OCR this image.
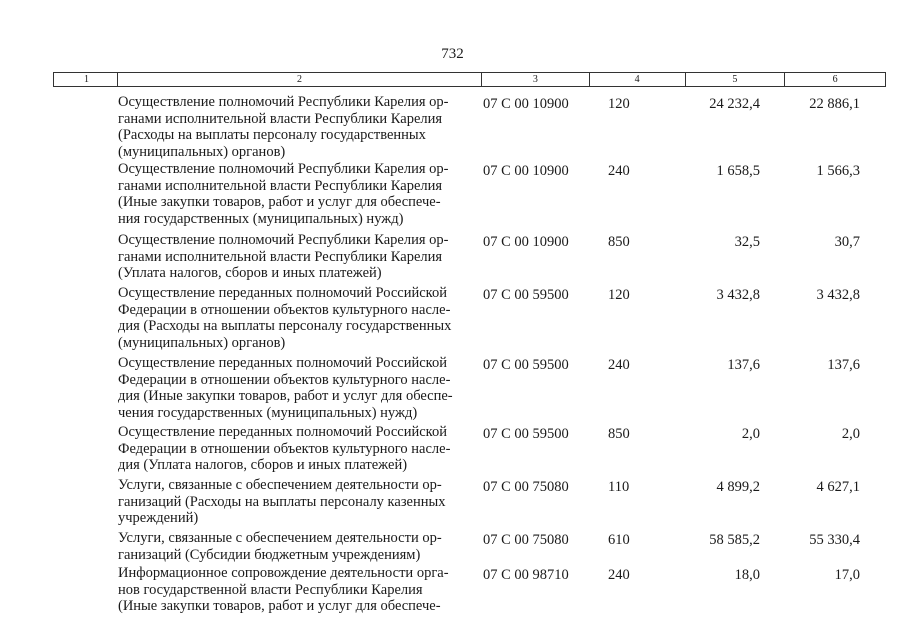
732
1	2	3	4	5	6
Осуществление полномочий Республики Карелия ор-
ганами исполнительной власти Республики Карелия
(Расходы на выплаты персоналу государственных
(муниципальных) органов)
07 С 00 10900	120	24 232,4	22 886,1
Осуществление полномочий Республики Карелия ор-
ганами исполнительной власти Республики Карелия
(Иные закупки товаров, работ и услуг для обеспече-
ния государственных (муниципальных) нужд)
07 С 00 10900	240	1 658,5	1 566,3
Осуществление полномочий Республики Карелия ор-
ганами исполнительной власти Республики Карелия
(Уплата налогов, сборов и иных платежей)
07 С 00 10900	850	32,5	30,7
Осуществление переданных полномочий Российской
Федерации в отношении объектов культурного насле-
дия (Расходы на выплаты персоналу государственных
(муниципальных) органов)
07 С 00 59500	120	3 432,8	3 432,8
Осуществление переданных полномочий Российской
Федерации в отношении объектов культурного насле-
дия (Иные закупки товаров, работ и услуг для обеспе-
чения государственных (муниципальных) нужд)
07 С 00 59500	240	137,6	137,6
Осуществление переданных полномочий Российской
Федерации в отношении объектов культурного насле-
дия (Уплата налогов, сборов и иных платежей)
07 С 00 59500	850	2,0	2,0
Услуги, связанные с обеспечением деятельности ор-
ганизаций (Расходы на выплаты персоналу казенных
учреждений)
07 С 00 75080	110	4 899,2	4 627,1
Услуги, связанные с обеспечением деятельности ор-
ганизаций (Субсидии бюджетным учреждениям)
07 С 00 75080	610	58 585,2	55 330,4
Информационное сопровождение деятельности орга-
нов государственной власти Республики Карелия
(Иные закупки товаров, работ и услуг для обеспече-
07 С 00 98710	240	18,0	17,0
